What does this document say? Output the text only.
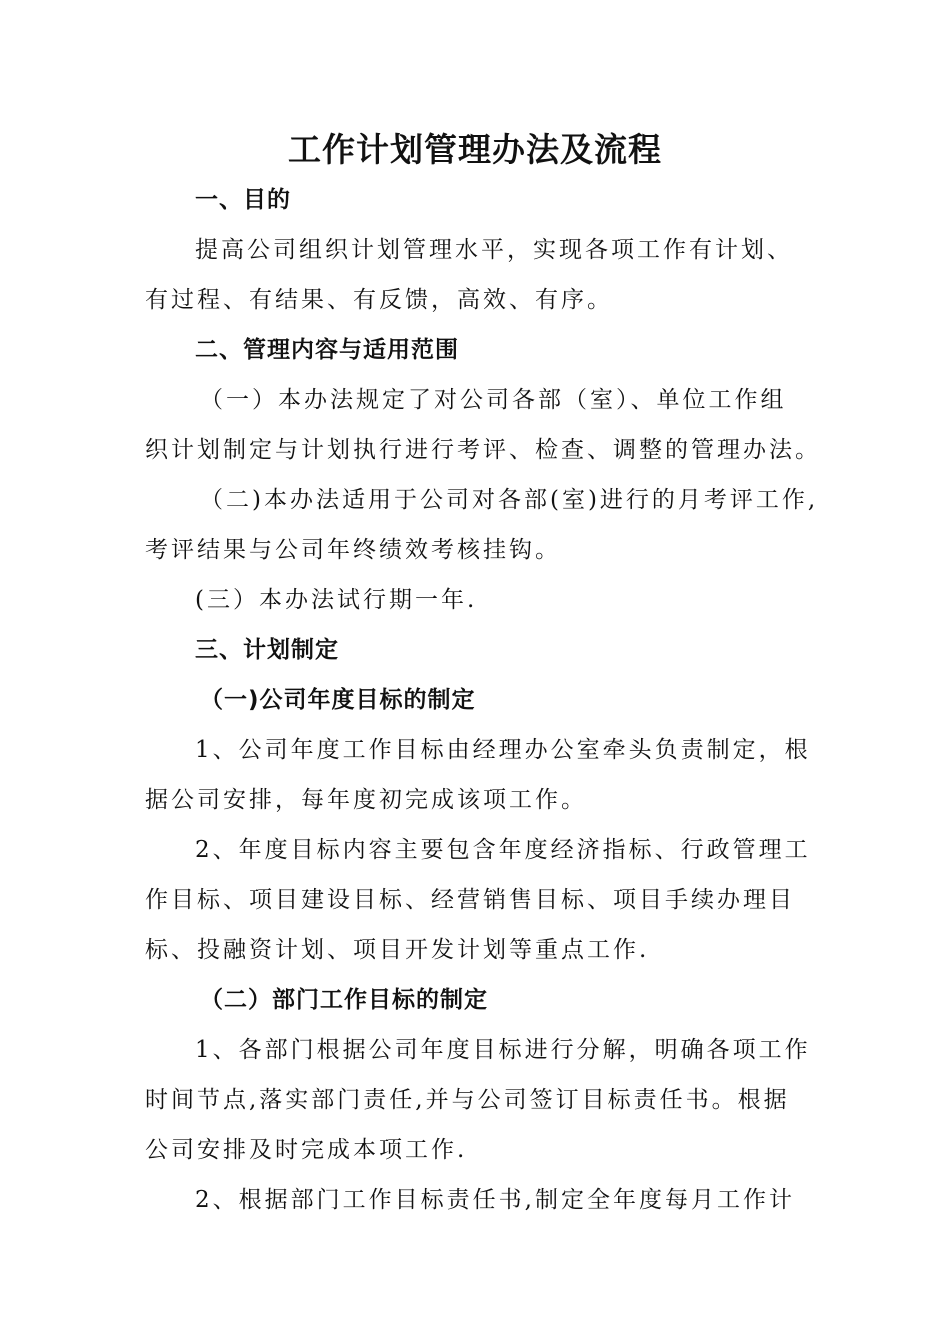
工作计划管理办法及流程
一、目的
提高公司组织计划管理水平，实现各项工作有计划、
有过程、有结果、有反馈，高效、有序。
二、管理内容与适用范围
（一）本办法规定了对公司各部（室）、单位工作组
织计划制定与计划执行进行考评、检查、调整的管理办法。
（二)本办法适用于公司对各部(室)进行的月考评工作,
考评结果与公司年终绩效考核挂钩。
(三）本办法试行期一年.
三、计划制定
（一)公司年度目标的制定
1、公司年度工作目标由经理办公室牵头负责制定，根
据公司安排，每年度初完成该项工作。
2、年度目标内容主要包含年度经济指标、行政管理工
作目标、项目建设目标、经营销售目标、项目手续办理目
标、投融资计划、项目开发计划等重点工作.
（二）部门工作目标的制定
1、各部门根据公司年度目标进行分解，明确各项工作
时间节点,落实部门责任,并与公司签订目标责任书。根据
公司安排及时完成本项工作.
2、根据部门工作目标责任书,制定全年度每月工作计
